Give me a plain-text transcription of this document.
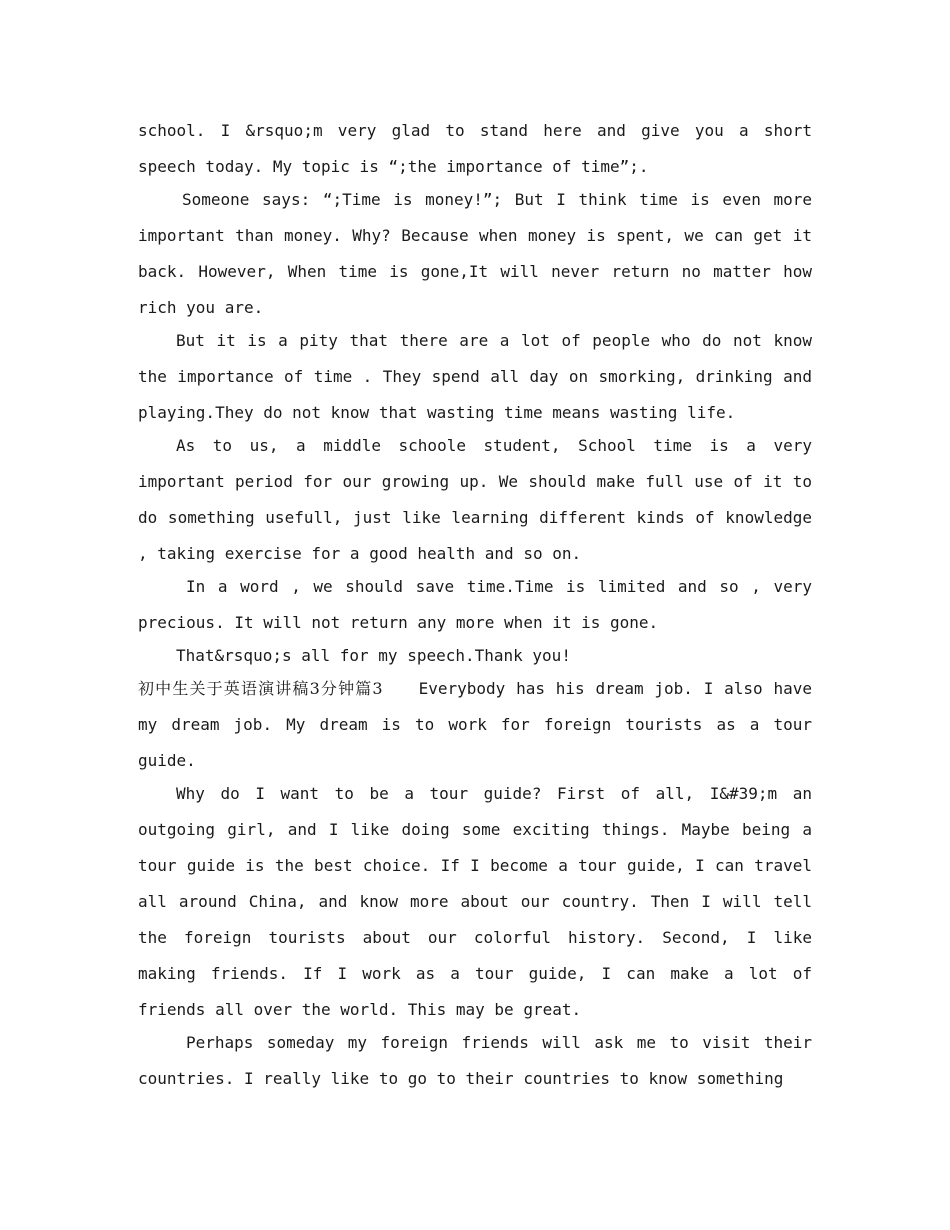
school. I &rsquo;m very glad to stand here and give you a short speech today. My topic is “;the importance of time”;.

Someone says: “;Time is money!”; But I think time is even more important than money. Why? Because when money is spent, we can get it back. However, When time is gone,It will never return no matter how rich you are.

But it is a pity that there are a lot of people who do not know the importance of time . They spend all day on smorking, drinking and playing.They do not know that wasting time means wasting life.

As to us, a middle schoole student, School time is a very important period for our growing up. We should make full use of it to do something usefull, just like learning different kinds of knowledge , taking exercise for a good health and so on.

In a word , we should save time.Time is limited and so , very precious. It will not return any more when it is gone.

That&rsquo;s all for my speech.Thank you!

初中生关于英语演讲稿3分钟篇3 Everybody has his dream job. I also have my dream job. My dream is to work for foreign tourists as a tour guide.

Why do I want to be a tour guide? First of all, I&#39;m an outgoing girl, and I like doing some exciting things. Maybe being a tour guide is the best choice. If I become a tour guide, I can travel all around China, and know more about our country. Then I will tell the foreign tourists about our colorful history. Second, I like making friends. If I work as a tour guide, I can make a lot of friends all over the world. This may be great.

Perhaps someday my foreign friends will ask me to visit their countries. I really like to go to their countries to know something
